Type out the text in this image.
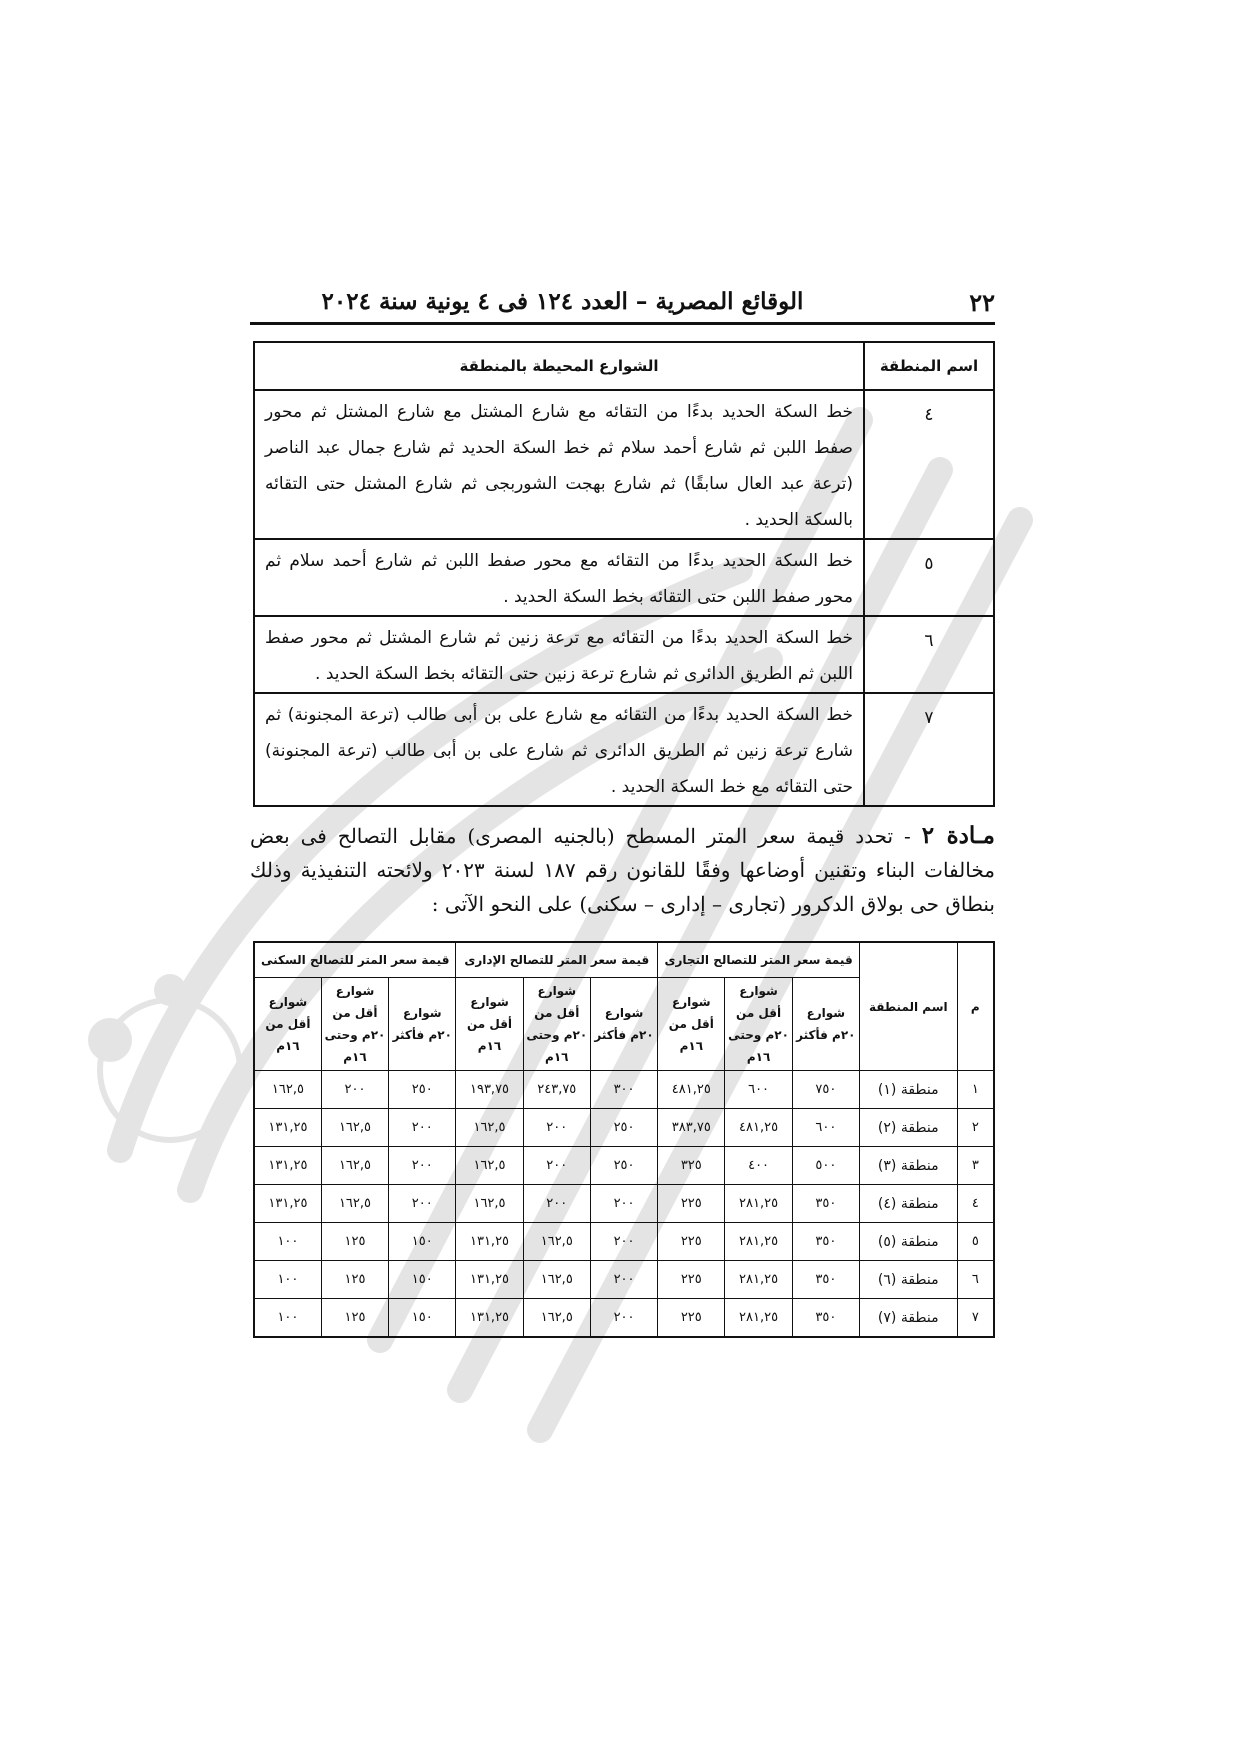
٢٢
الوقائع المصرية – العدد ١٢٤ فى ٤ يونية سنة ٢٠٢٤
اسم المنطقة	الشوارع المحيطة بالمنطقة
٤	خط السكة الحديد بدءًا من التقائه مع شارع المشتل مع شارع المشتل ثم محور صفط اللبن ثم شارع أحمد سلام ثم خط السكة الحديد ثم شارع جمال عبد الناصر (ترعة عبد العال سابقًا) ثم شارع بهجت الشوربجى ثم شارع المشتل حتى التقائه بالسكة الحديد .
٥	خط السكة الحديد بدءًا من التقائه مع محور صفط اللبن ثم شارع أحمد سلام ثم محور صفط اللبن حتى التقائه بخط السكة الحديد .
٦	خط السكة الحديد بدءًا من التقائه مع ترعة زنين ثم شارع المشتل ثم محور صفط اللبن ثم الطريق الدائرى ثم شارع ترعة زنين حتى التقائه بخط السكة الحديد .
٧	خط السكة الحديد بدءًا من التقائه مع شارع على بن أبى طالب (ترعة المجنونة) ثم شارع ترعة زنين ثم الطريق الدائرى ثم شارع على بن أبى طالب (ترعة المجنونة) حتى التقائه مع خط السكة الحديد .

مـادة ٢ - تحدد قيمة سعر المتر المسطح (بالجنيه المصرى) مقابل التصالح فى بعض مخالفات البناء وتقنين أوضاعها وفقًا للقانون رقم ١٨٧ لسنة ٢٠٢٣ ولائحته التنفيذية وذلك بنطاق حى بولاق الدكرور (تجارى – إدارى – سكنى) على النحو الآتى :

م	اسم المنطقة	قيمة سعر المتر للتصالح التجارى			قيمة سعر المتر للتصالح الإدارى			قيمة سعر المتر للتصالح السكنى		
		شوارع ٢٠م فأكثر	شوارع أقل من ٢٠م وحتى ١٦م	شوارع أقل من ١٦م	شوارع ٢٠م فأكثر	شوارع أقل من ٢٠م وحتى ١٦م	شوارع أقل من ١٦م	شوارع ٢٠م فأكثر	شوارع أقل من ٢٠م وحتى ١٦م	شوارع أقل من ١٦م
١	منطقة (١)	٧٥٠	٦٠٠	٤٨١,٢٥	٣٠٠	٢٤٣,٧٥	١٩٣,٧٥	٢٥٠	٢٠٠	١٦٢,٥
٢	منطقة (٢)	٦٠٠	٤٨١,٢٥	٣٨٣,٧٥	٢٥٠	٢٠٠	١٦٢,٥	٢٠٠	١٦٢,٥	١٣١,٢٥
٣	منطقة (٣)	٥٠٠	٤٠٠	٣٢٥	٢٥٠	٢٠٠	١٦٢,٥	٢٠٠	١٦٢,٥	١٣١,٢٥
٤	منطقة (٤)	٣٥٠	٢٨١,٢٥	٢٢٥	٢٠٠	٢٠٠	١٦٢,٥	٢٠٠	١٦٢,٥	١٣١,٢٥
٥	منطقة (٥)	٣٥٠	٢٨١,٢٥	٢٢٥	٢٠٠	١٦٢,٥	١٣١,٢٥	١٥٠	١٢٥	١٠٠
٦	منطقة (٦)	٣٥٠	٢٨١,٢٥	٢٢٥	٢٠٠	١٦٢,٥	١٣١,٢٥	١٥٠	١٢٥	١٠٠
٧	منطقة (٧)	٣٥٠	٢٨١,٢٥	٢٢٥	٢٠٠	١٦٢,٥	١٣١,٢٥	١٥٠	١٢٥	١٠٠
